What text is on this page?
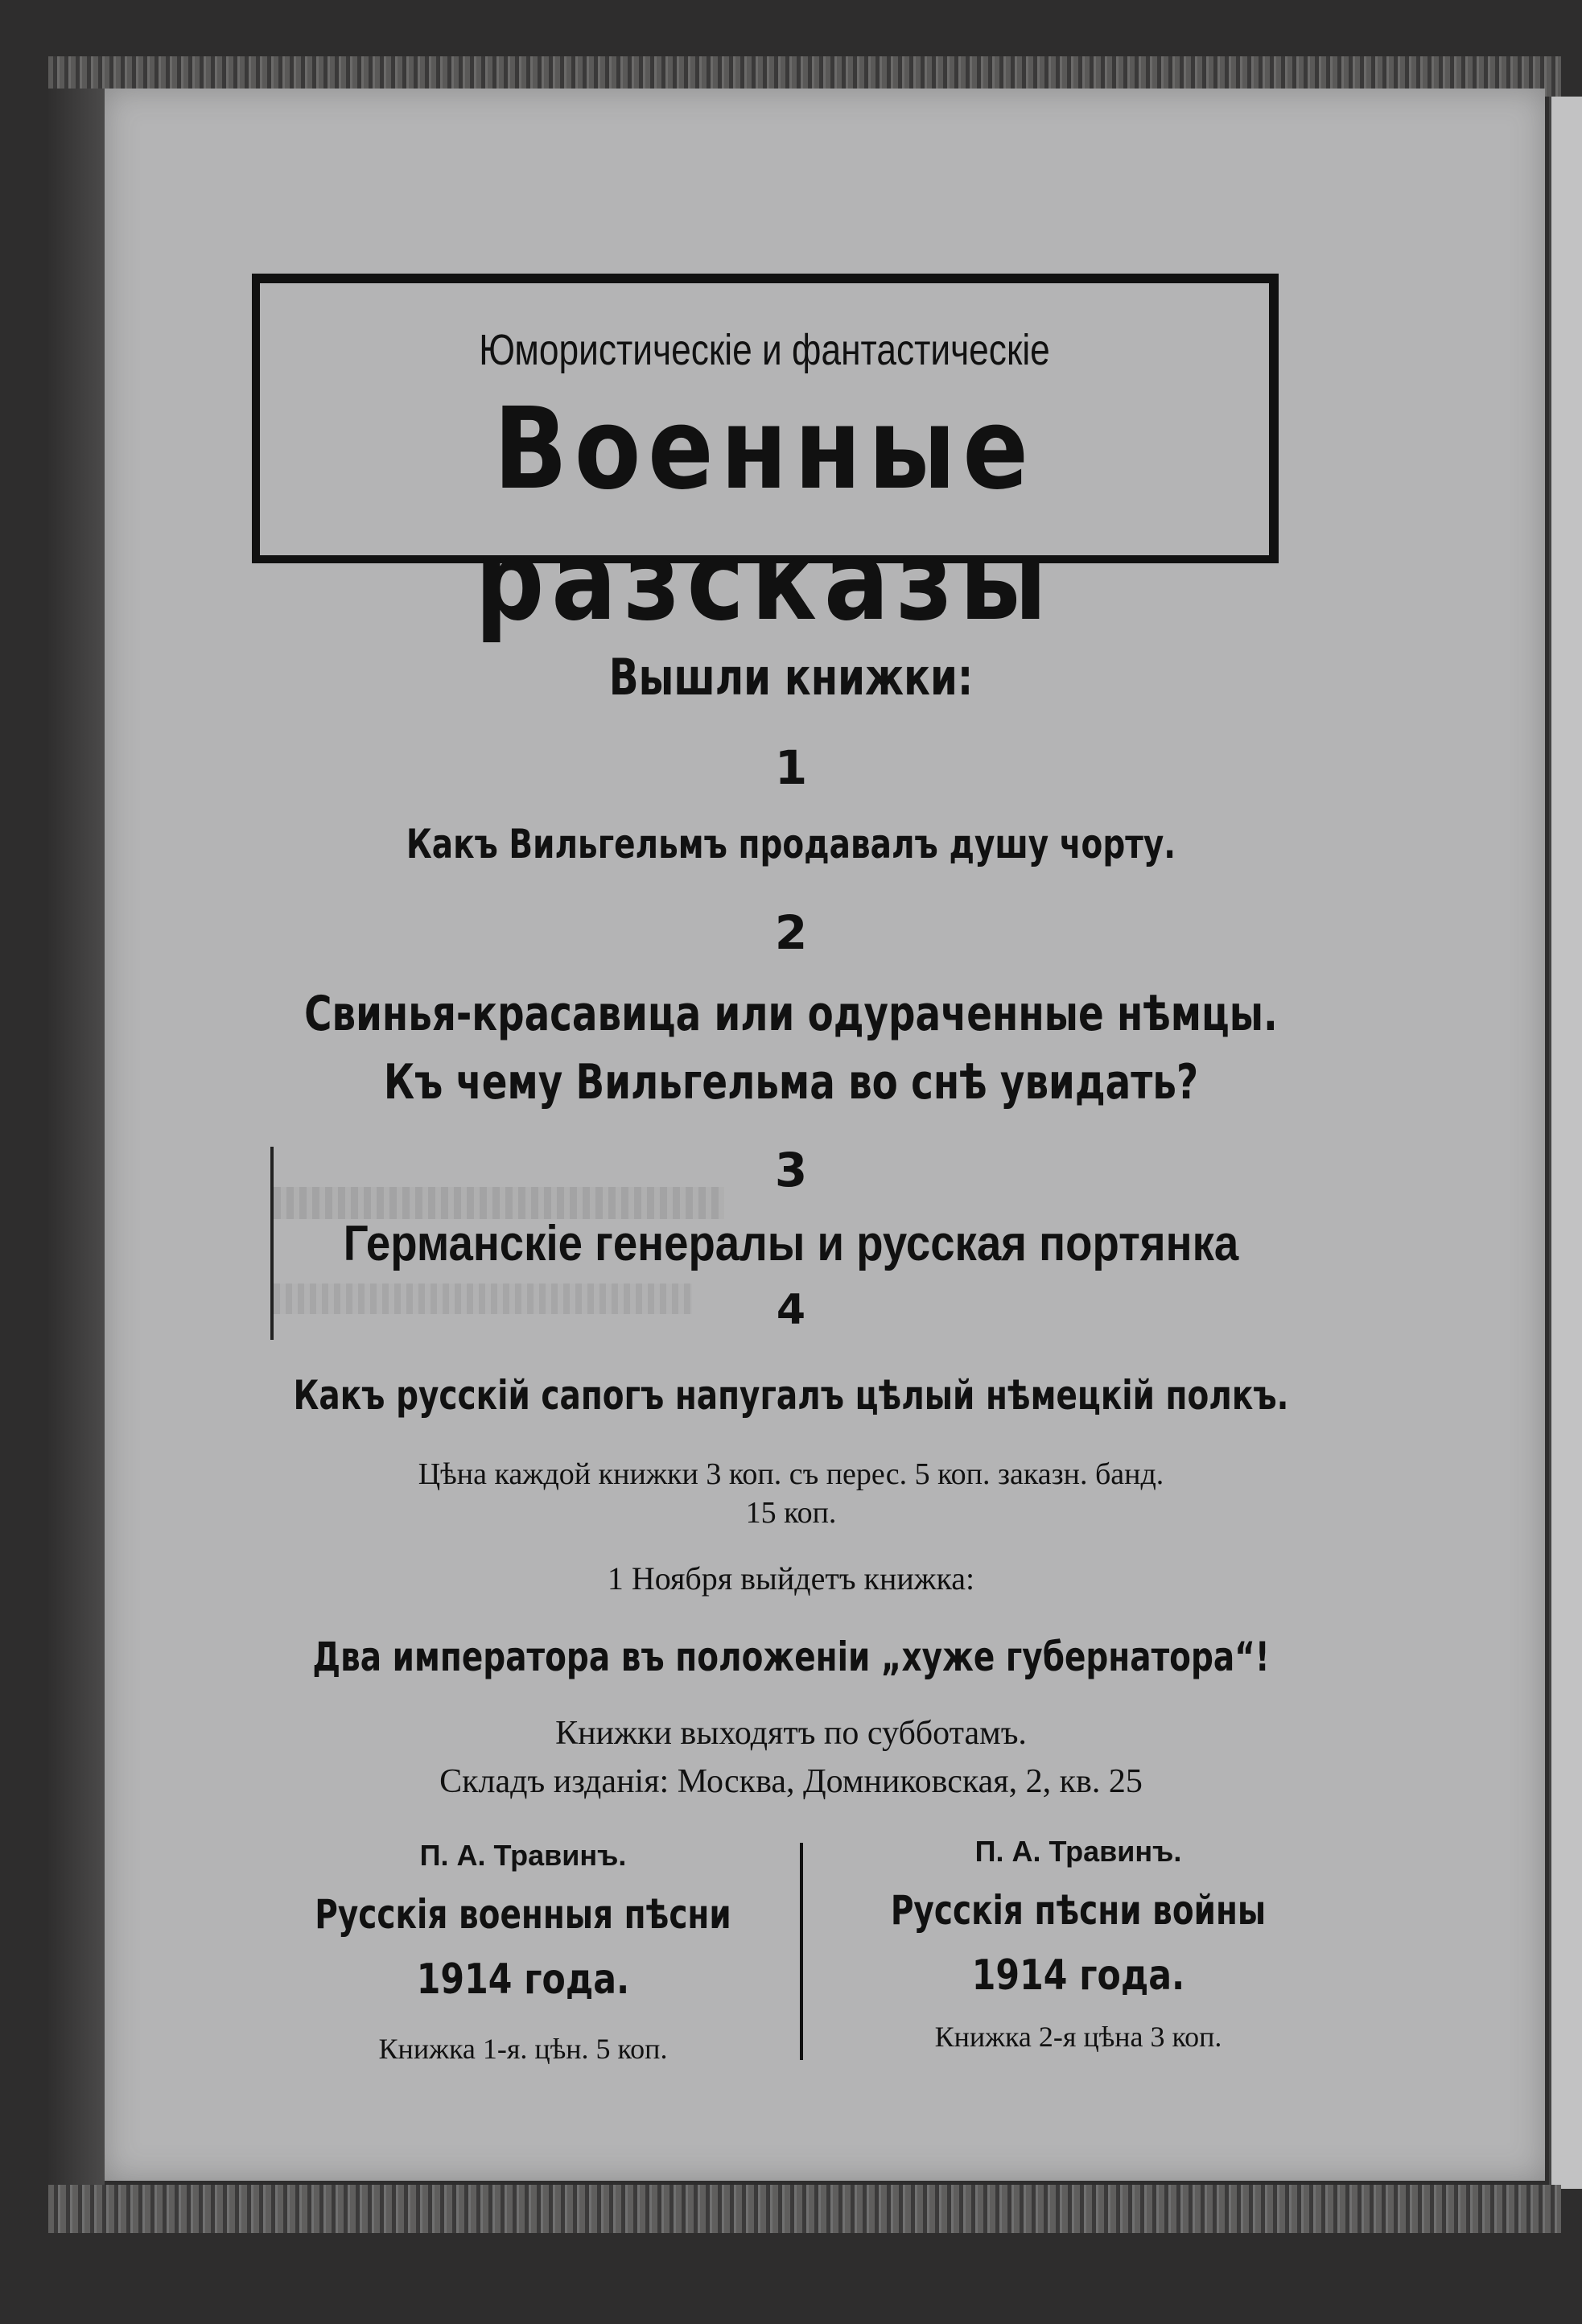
Юмористическіе и фантастическіе
Военные разсказы
Вышли книжки:
1
Какъ Вильгельмъ продавалъ душу чорту.
2
Свинья-красавица или одураченные нѣмцы.
Къ чему Вильгельма во снѣ увидать?
3
Германскіе генералы и русская портянка
4
Какъ русскій сапогъ напугалъ цѣлый нѣмецкій полкъ.
Цѣна каждой книжки 3 коп. съ перес. 5 коп. заказн. банд.
15 коп.
1 Ноября выйдетъ книжка:
Два императора въ положеніи „хуже губернатора“!
Книжки выходятъ по субботамъ.
Складъ изданія: Москва, Домниковская, 2, кв. 25
П. А. Травинъ.
Русскія военныя пѣсни
1914 года.
Книжка 1-я. цѣн. 5 коп.
П. А. Травинъ.
Русскія пѣсни войны
1914 года.
Книжка 2-я цѣна 3 коп.
